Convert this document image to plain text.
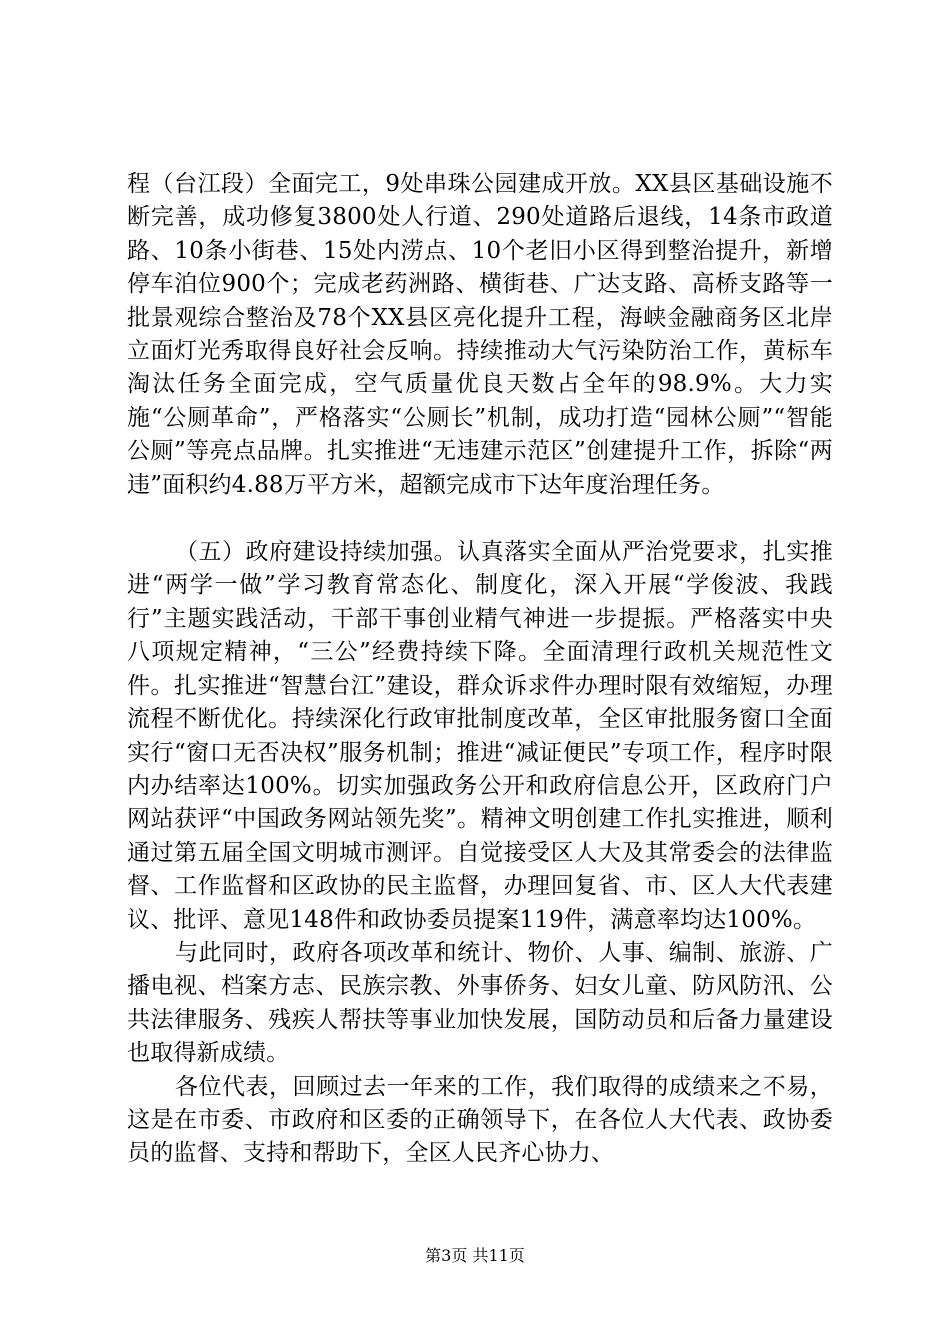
程（台江段）全面完工，9处串珠公园建成开放。XX县区基础设施不断完善，成功修复3800处人行道、290处道路后退线，14条市政道路、10条小街巷、15处内涝点、10个老旧小区得到整治提升，新增停车泊位900个；完成老药洲路、横街巷、广达支路、高桥支路等一批景观综合整治及78个XX县区亮化提升工程，海峡金融商务区北岸立面灯光秀取得良好社会反响。持续推动大气污染防治工作，黄标车淘汰任务全面完成，空气质量优良天数占全年的98.9%。大力实施“公厕革命”，严格落实“公厕长”机制，成功打造“园林公厕”“智能公厕”等亮点品牌。扎实推进“无违建示范区”创建提升工作，拆除“两违”面积约4.88万平方米，超额完成市下达年度治理任务。

（五）政府建设持续加强。认真落实全面从严治党要求，扎实推进“两学一做”学习教育常态化、制度化，深入开展“学俊波、我践行”主题实践活动，干部干事创业精气神进一步提振。严格落实中央八项规定精神，“三公”经费持续下降。全面清理行政机关规范性文件。扎实推进“智慧台江”建设，群众诉求件办理时限有效缩短，办理流程不断优化。持续深化行政审批制度改革，全区审批服务窗口全面实行“窗口无否决权”服务机制；推进“减证便民”专项工作，程序时限内办结率达100%。切实加强政务公开和政府信息公开，区政府门户网站获评“中国政务网站领先奖”。精神文明创建工作扎实推进，顺利通过第五届全国文明城市测评。自觉接受区人大及其常委会的法律监督、工作监督和区政协的民主监督，办理回复省、市、区人大代表建议、批评、意见148件和政协委员提案119件，满意率均达100%。

与此同时，政府各项改革和统计、物价、人事、编制、旅游、广播电视、档案方志、民族宗教、外事侨务、妇女儿童、防风防汛、公共法律服务、残疾人帮扶等事业加快发展，国防动员和后备力量建设也取得新成绩。

各位代表，回顾过去一年来的工作，我们取得的成绩来之不易，这是在市委、市政府和区委的正确领导下，在各位人大代表、政协委员的监督、支持和帮助下，全区人民齐心协力、

第3页 共11页
